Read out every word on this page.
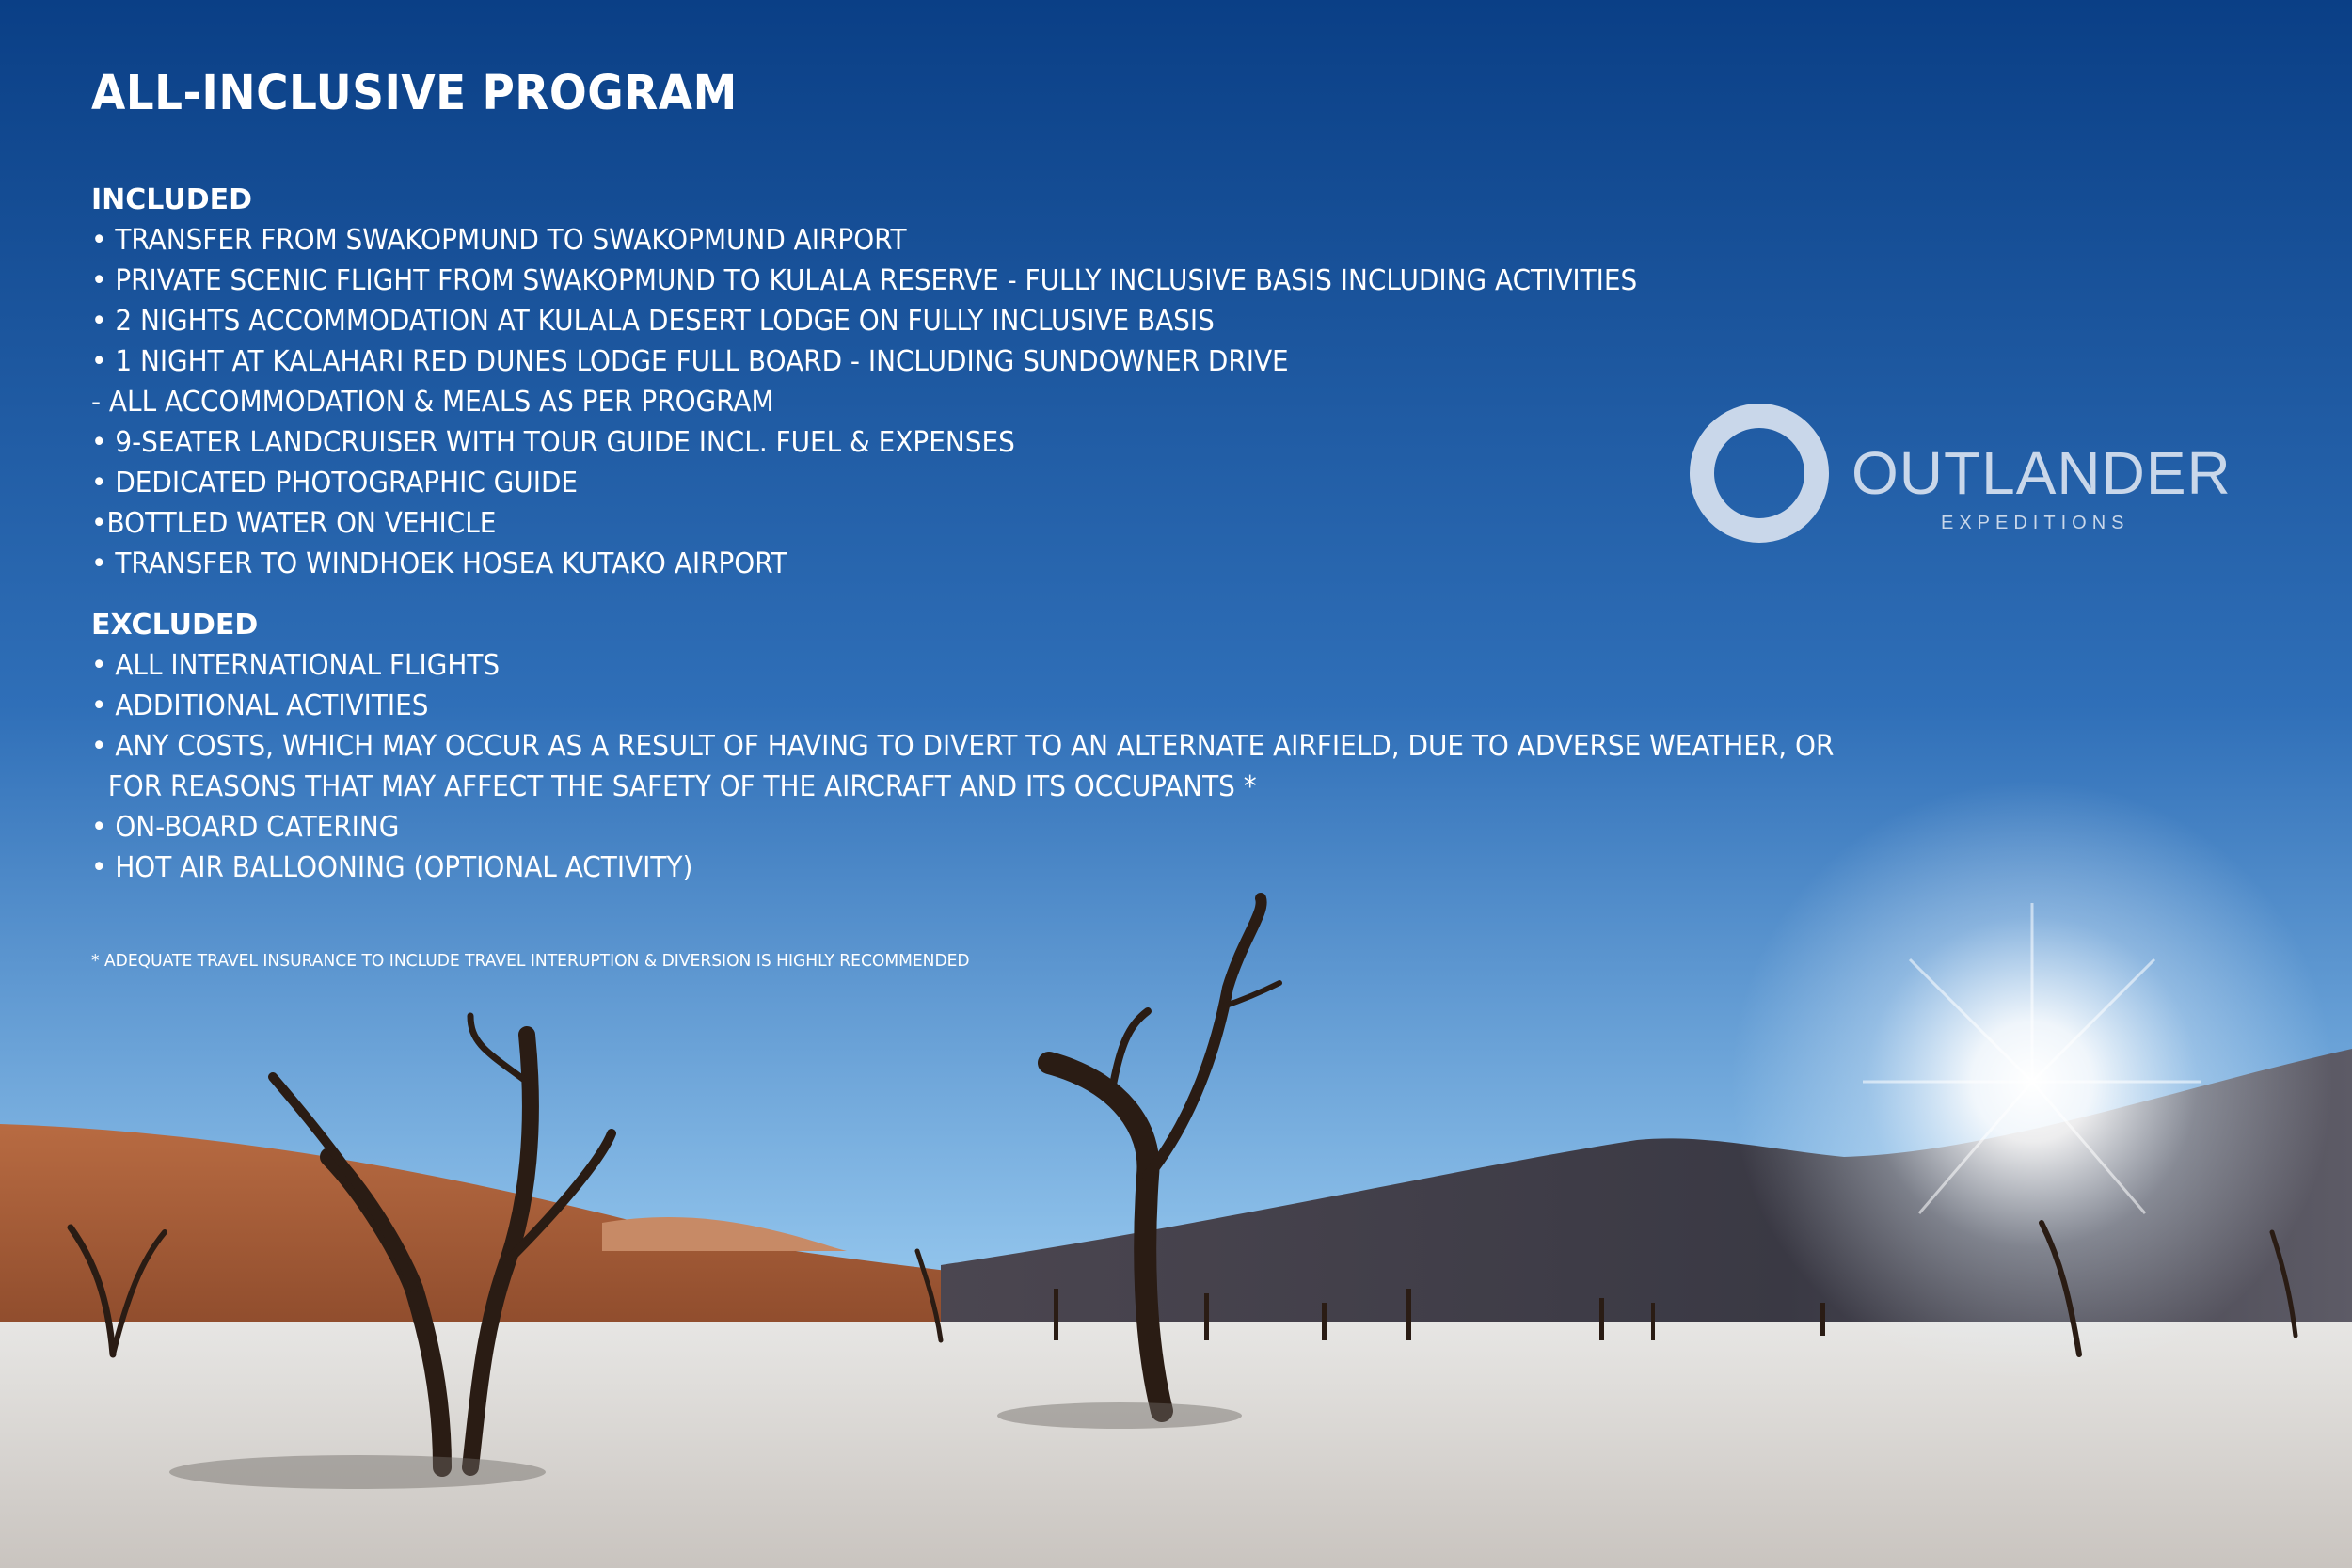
ALL-INCLUSIVE PROGRAM

INCLUDED

• TRANSFER FROM SWAKOPMUND TO SWAKOPMUND AIRPORT

• PRIVATE SCENIC FLIGHT FROM SWAKOPMUND TO KULALA RESERVE - FULLY INCLUSIVE BASIS INCLUDING ACTIVITIES

• 2 NIGHTS ACCOMMODATION AT KULALA DESERT LODGE ON FULLY INCLUSIVE BASIS

• 1 NIGHT AT KALAHARI RED DUNES LODGE FULL BOARD - INCLUDING SUNDOWNER DRIVE

- ALL ACCOMMODATION & MEALS AS PER PROGRAM

• 9-SEATER LANDCRUISER WITH TOUR GUIDE INCL. FUEL & EXPENSES

• DEDICATED PHOTOGRAPHIC GUIDE

•BOTTLED WATER ON VEHICLE

• TRANSFER TO WINDHOEK HOSEA KUTAKO AIRPORT

EXCLUDED

• ALL INTERNATIONAL FLIGHTS

• ADDITIONAL ACTIVITIES

• ANY COSTS, WHICH MAY OCCUR AS A RESULT OF HAVING TO DIVERT TO AN ALTERNATE AIRFIELD, DUE TO ADVERSE WEATHER, OR

FOR REASONS THAT MAY AFFECT THE SAFETY OF THE AIRCRAFT AND ITS OCCUPANTS *

• ON-BOARD CATERING

• HOT AIR BALLOONING (OPTIONAL ACTIVITY)

* ADEQUATE TRAVEL INSURANCE TO INCLUDE TRAVEL INTERUPTION & DIVERSION IS HIGHLY RECOMMENDED

OUTLANDER
EXPEDITIONS
